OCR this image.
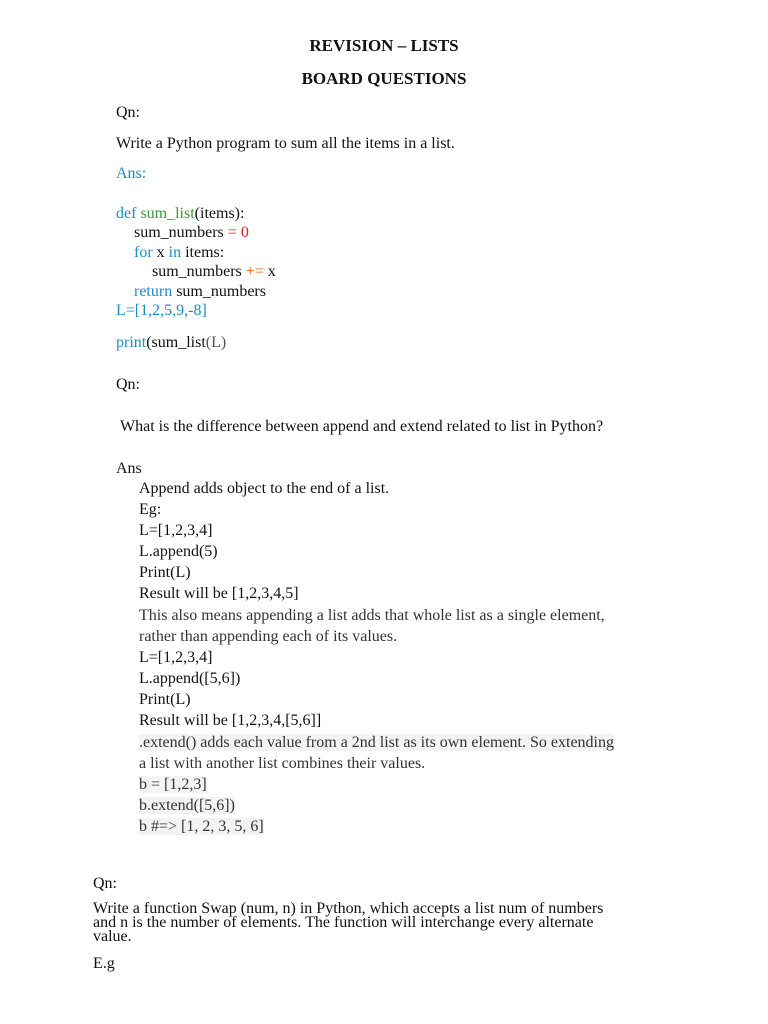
REVISION – LISTS
BOARD QUESTIONS
Qn:
Write a Python program to sum all the items in a list.
Ans:
def sum_list(items):
sum_numbers = 0
for x in items:
sum_numbers += x
return sum_numbers
L=[1,2,5,9,-8]
print(sum_list(L)
Qn:
What is the difference between append and extend related to list in Python?
Ans
Append adds object to the end of a list.
Eg:
L=[1,2,3,4]
L.append(5)
Print(L)
Result will be [1,2,3,4,5]
This also means appending a list adds that whole list as a single element,
rather than appending each of its values.
L=[1,2,3,4]
L.append([5,6])
Print(L)
Result will be [1,2,3,4,[5,6]]
.extend() adds each value from a 2nd list as its own element. So extending
a list with another list combines their values.
b = [1,2,3]
b.extend([5,6])
b #=> [1, 2, 3, 5, 6]
Qn:
Write a function Swap (num, n) in Python, which accepts a list num of numbers
and n is the number of elements. The function will interchange every alternate
value.
E.g
